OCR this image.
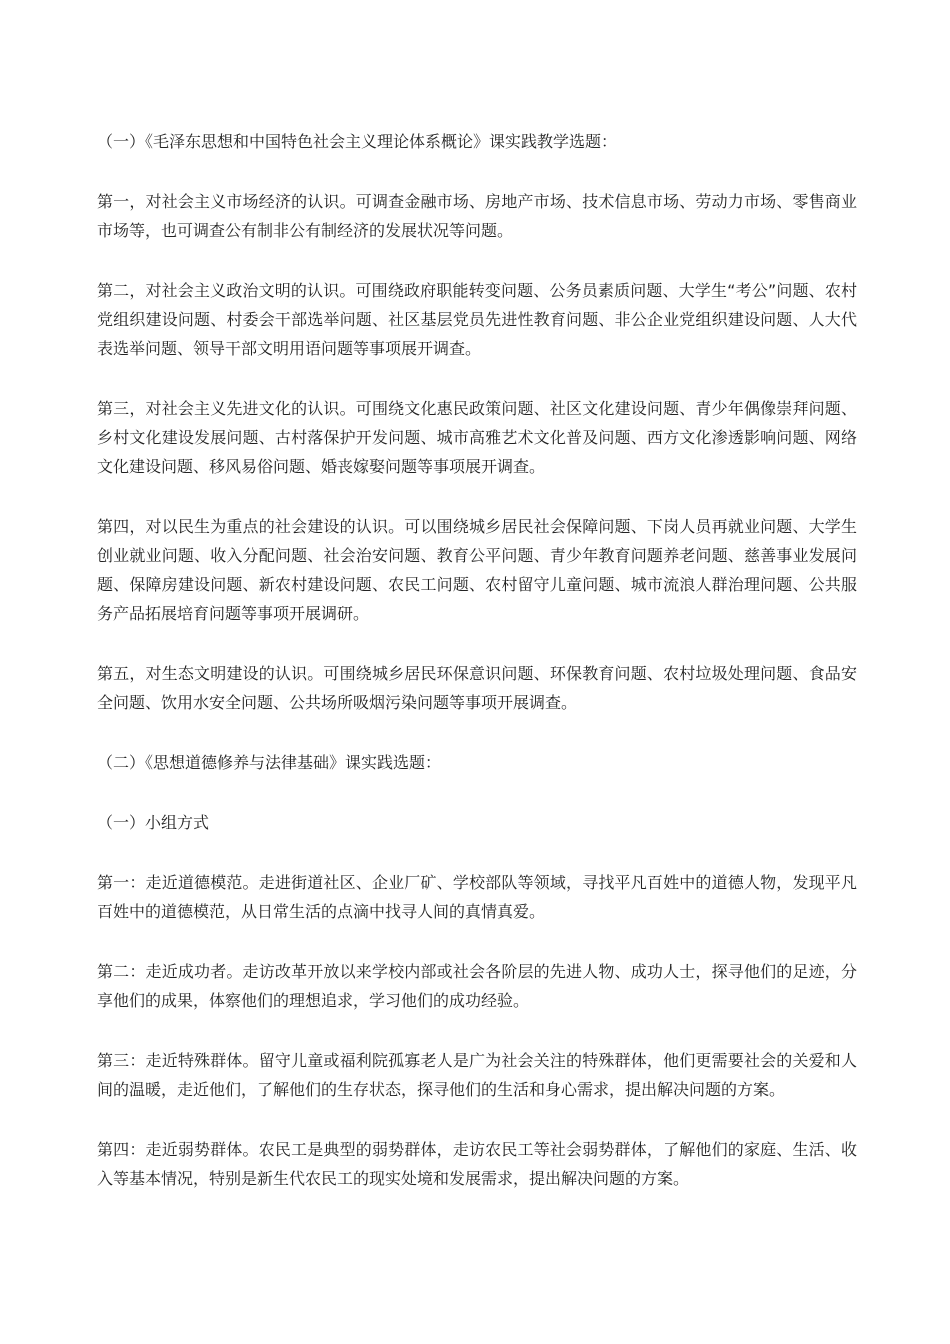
（一）《毛泽东思想和中国特色社会主义理论体系概论》课实践教学选题：

第一，对社会主义市场经济的认识。可调查金融市场、房地产市场、技术信息市场、劳动力市场、零售商业市场等，也可调查公有制非公有制经济的发展状况等问题。

第二，对社会主义政治文明的认识。可围绕政府职能转变问题、公务员素质问题、大学生“考公”问题、农村党组织建设问题、村委会干部选举问题、社区基层党员先进性教育问题、非公企业党组织建设问题、人大代表选举问题、领导干部文明用语问题等事项展开调查。

第三，对社会主义先进文化的认识。可围绕文化惠民政策问题、社区文化建设问题、青少年偶像崇拜问题、乡村文化建设发展问题、古村落保护开发问题、城市高雅艺术文化普及问题、西方文化渗透影响问题、网络文化建设问题、移风易俗问题、婚丧嫁娶问题等事项展开调查。

第四，对以民生为重点的社会建设的认识。可以围绕城乡居民社会保障问题、下岗人员再就业问题、大学生创业就业问题、收入分配问题、社会治安问题、教育公平问题、青少年教育问题养老问题、慈善事业发展问题、保障房建设问题、新农村建设问题、农民工问题、农村留守儿童问题、城市流浪人群治理问题、公共服务产品拓展培育问题等事项开展调研。

第五，对生态文明建设的认识。可围绕城乡居民环保意识问题、环保教育问题、农村垃圾处理问题、食品安全问题、饮用水安全问题、公共场所吸烟污染问题等事项开展调查。

（二）《思想道德修养与法律基础》课实践选题：

（一）小组方式

第一：走近道德模范。走进街道社区、企业厂矿、学校部队等领域，寻找平凡百姓中的道德人物，发现平凡百姓中的道德模范，从日常生活的点滴中找寻人间的真情真爱。

第二：走近成功者。走访改革开放以来学校内部或社会各阶层的先进人物、成功人士，探寻他们的足迹，分享他们的成果，体察他们的理想追求，学习他们的成功经验。

第三：走近特殊群体。留守儿童或福利院孤寡老人是广为社会关注的特殊群体，他们更需要社会的关爱和人间的温暖，走近他们，了解他们的生存状态，探寻他们的生活和身心需求，提出解决问题的方案。

第四：走近弱势群体。农民工是典型的弱势群体，走访农民工等社会弱势群体，了解他们的家庭、生活、收入等基本情况，特别是新生代农民工的现实处境和发展需求，提出解决问题的方案。
